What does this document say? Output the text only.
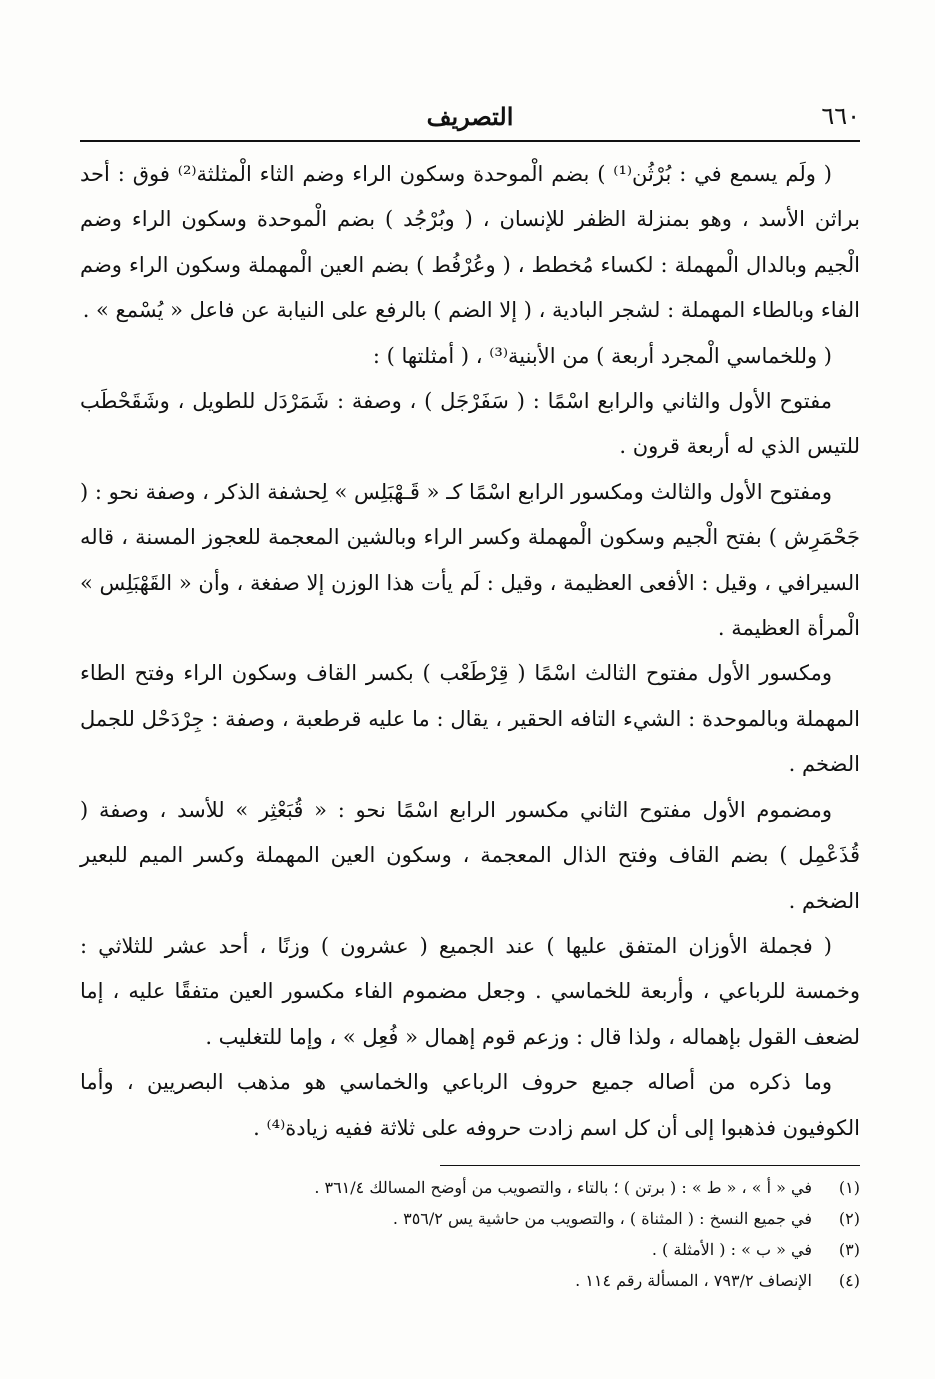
٦٦٠
التصريف

( ولَم يسمع في : بُرْثُن⁽¹⁾ ) بضم الْموحدة وسكون الراء وضم الثاء الْمثلثة⁽²⁾ فوق : أحد براثن الأسد ، وهو بمنزلة الظفر للإنسان ، ( وبُرْجُد ) بضم الْموحدة وسكون الراء وضم الْجيم وبالدال الْمهملة : لكساء مُخطط ، ( وعُرْفُط ) بضم العين الْمهملة وسكون الراء وضم الفاء وبالطاء المهملة : لشجر البادية ، ( إلا الضم ) بالرفع على النيابة عن فاعل « يُسْمع » .

( وللخماسي الْمجرد أربعة ) من الأبنية⁽³⁾ ، ( أمثلتها ) :

مفتوح الأول والثاني والرابع اسْمًا : ( سَفَرْجَل ) ، وصفة : شَمَرْدَل للطويل ، وشَقَحْطَب للتيس الذي له أربعة قرون .

ومفتوح الأول والثالث ومكسور الرابع اسْمًا كـ « قَـهْبَلِس » لِحشفة الذكر ، وصفة نحو : ( جَحْمَرِش ) بفتح الْجيم وسكون الْمهملة وكسر الراء وبالشين المعجمة للعجوز المسنة ، قاله السيرافي ، وقيل : الأفعى العظيمة ، وقيل : لَم يأت هذا الوزن إلا صفغة ، وأن « القَهْبَلِس » الْمرأة العظيمة .

ومكسور الأول مفتوح الثالث اسْمًا ( قِرْطَعْب ) بكسر القاف وسكون الراء وفتح الطاء المهملة وبالموحدة : الشيء التافه الحقير ، يقال : ما عليه قرطعبة ، وصفة : جِرْدَحْل للجمل الضخم .

ومضموم الأول مفتوح الثاني مكسور الرابع اسْمًا نحو : « قُبَعْثِر » للأسد ، وصفة ( قُذَعْمِل ) بضم القاف وفتح الذال المعجمة ، وسكون العين المهملة وكسر الميم للبعير الضخم .

( فجملة الأوزان المتفق عليها ) عند الجميع ( عشرون ) وزنًا ، أحد عشر للثلاثي : وخمسة للرباعي ، وأربعة للخماسي . وجعل مضموم الفاء مكسور العين متفقًا عليه ، إما لضعف القول بإهماله ، ولذا قال : وزعم قوم إهمال « فُعِل » ، وإما للتغليب .

وما ذكره من أصاله جميع حروف الرباعي والخماسي هو مذهب البصريين ، وأما الكوفيون فذهبوا إلى أن كل اسم زادت حروفه على ثلاثة ففيه زيادة⁽⁴⁾ .

(١)
في « أ » ، « ط » : ( برتن ) ؛ بالتاء ، والتصويب من أوضح المسالك ٣٦١/٤ .
(٢)
في جميع النسخ : ( المثناة ) ، والتصويب من حاشية يس ٣٥٦/٢ .
(٣)
في « ب » : ( الأمثلة ) .
(٤)
الإنصاف ٧٩٣/٢ ، المسألة رقم ١١٤ .
